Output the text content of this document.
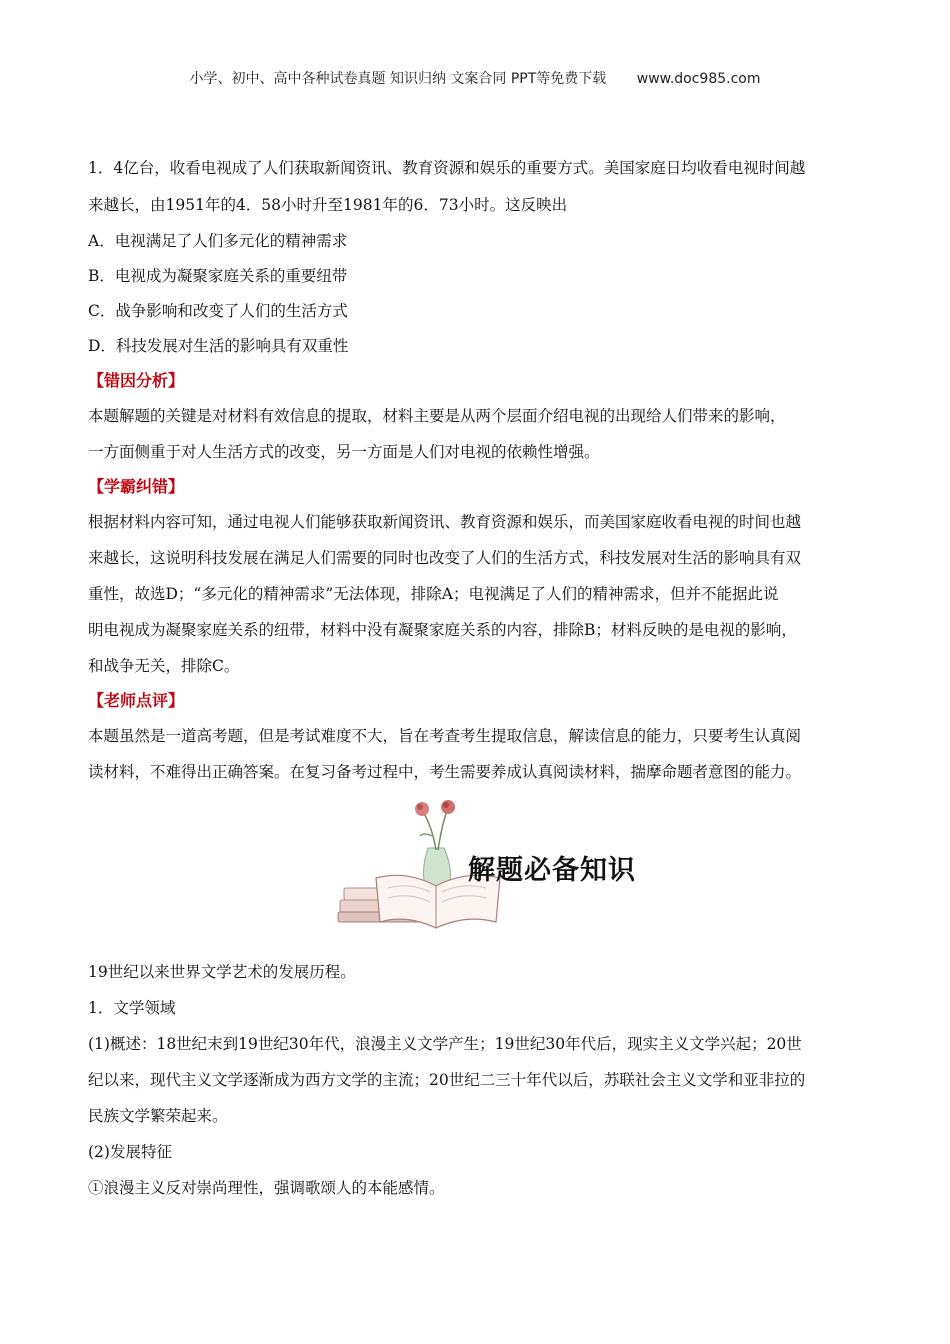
小学、初中、高中各种试卷真题 知识归纳 文案合同 PPT等免费下载 www.doc985.com

1．4亿台，收看电视成了人们获取新闻资讯、教育资源和娱乐的重要方式。美国家庭日均收看电视时间越

来越长，由1951年的4．58小时升至1981年的6．73小时。这反映出

A．电视满足了人们多元化的精神需求

B．电视成为凝聚家庭关系的重要纽带

C．战争影响和改变了人们的生活方式

D．科技发展对生活的影响具有双重性

【错因分析】

本题解题的关键是对材料有效信息的提取，材料主要是从两个层面介绍电视的出现给人们带来的影响，

一方面侧重于对人生活方式的改变，另一方面是人们对电视的依赖性增强。

【学霸纠错】

根据材料内容可知，通过电视人们能够获取新闻资讯、教育资源和娱乐，而美国家庭收看电视的时间也越

来越长，这说明科技发展在满足人们需要的同时也改变了人们的生活方式，科技发展对生活的影响具有双

重性，故选D；“多元化的精神需求”无法体现，排除A；电视满足了人们的精神需求，但并不能据此说

明电视成为凝聚家庭关系的纽带，材料中没有凝聚家庭关系的内容，排除B；材料反映的是电视的影响，

和战争无关，排除C。

【老师点评】

本题虽然是一道高考题，但是考试难度不大，旨在考查考生提取信息，解读信息的能力，只要考生认真阅

读材料，不难得出正确答案。在复习备考过程中，考生需要养成认真阅读材料，揣摩命题者意图的能力。

解题必备知识

19世纪以来世界文学艺术的发展历程。

1．文学领域

(1)概述：18世纪末到19世纪30年代，浪漫主义文学产生；19世纪30年代后，现实主义文学兴起；20世

纪以来，现代主义文学逐渐成为西方文学的主流；20世纪二三十年代以后，苏联社会主义文学和亚非拉的

民族文学繁荣起来。

(2)发展特征

①浪漫主义反对崇尚理性，强调歌颂人的本能感情。
